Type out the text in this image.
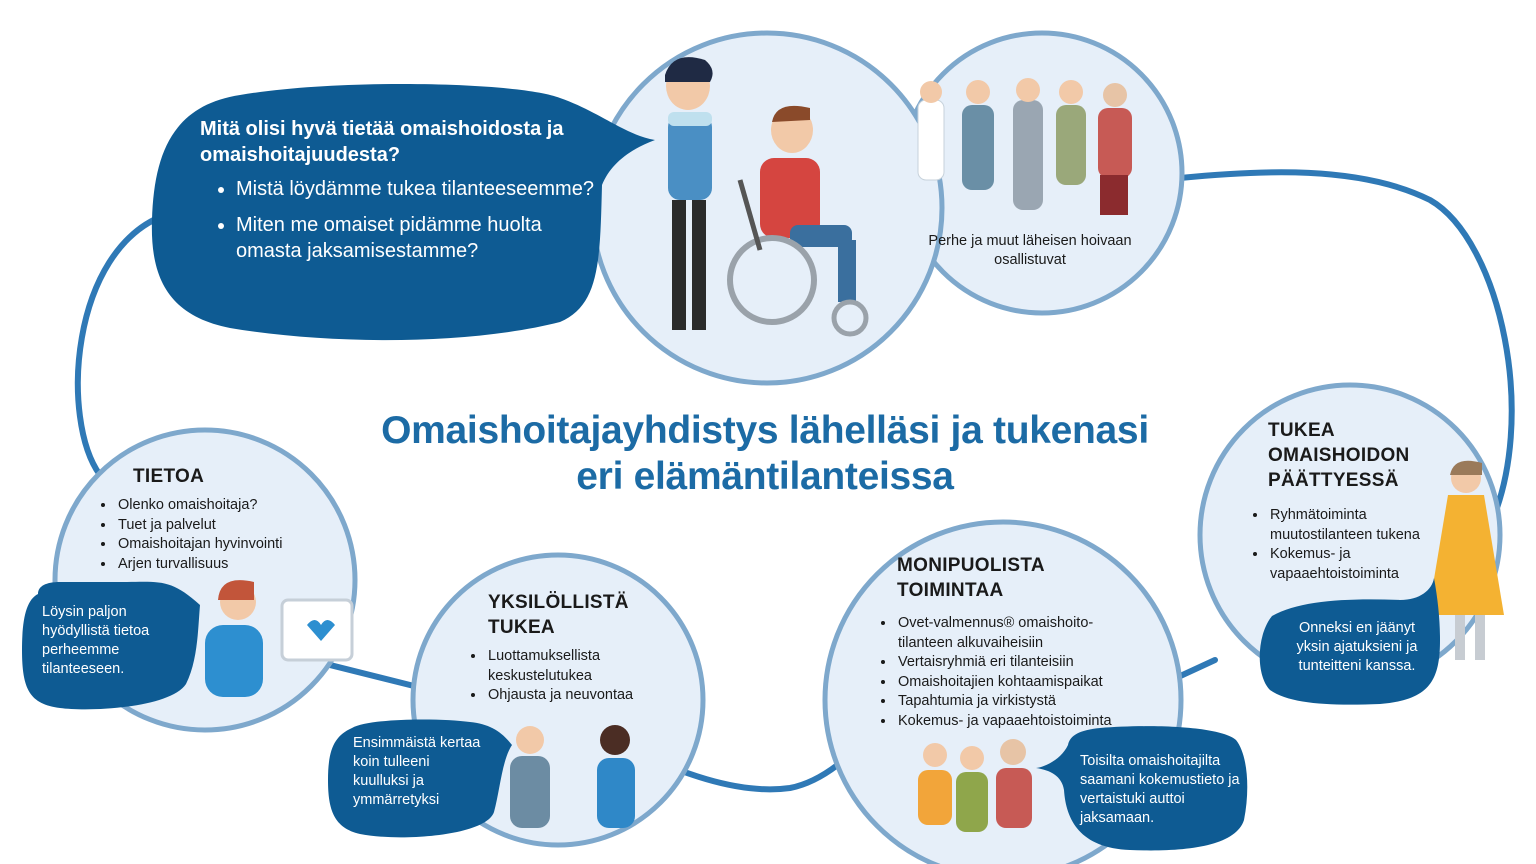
Omaishoitajayhdistys lähelläsi ja tukenasi
eri elämäntilanteissa
Mitä olisi hyvä tietää omaishoidosta ja omaishoitajuudesta?
• Mistä löydämme tukea tilanteeseemme?
• Miten me omaiset pidämme huolta omasta jaksamisestamme?	Perhe ja muut läheisen hoivaan osallistuvat
TIETOA
• Olenko omaishoitaja?
• Tuet ja palvelut
• Omaishoitajan hyvinvointi
• Arjen turvallisuus
Löysin paljon hyödyllistä tietoa perheemme tilanteeseen.
YKSILÖLLISTÄ
TUKEA
• Luottamuksellista keskustelutukea
• Ohjausta ja neuvontaa
Ensimmäistä kertaa koin tulleeni kuulluksi ja ymmärretyksi
MONIPUOLISTA
TOIMINTAA
• Ovet-valmennus® omaishoito-tilanteen alkuvaiheisiin
• Vertaisryhmiä eri tilanteisiin
• Omaishoitajien kohtaamispaikat
• Tapahtumia ja virkistystä
• Kokemus- ja vapaaehtoistoiminta
Toisilta omaishoitajilta saamani kokemustieto ja vertaistuki auttoi jaksamaan.
TUKEA
OMAISHOIDON
PÄÄTTYESSÄ
• Ryhmätoiminta muutostilanteen tukena
• Kokemus- ja vapaaehtoistoiminta
Onneksi en jäänyt yksin ajatuksieni ja tunteitteni kanssa.
